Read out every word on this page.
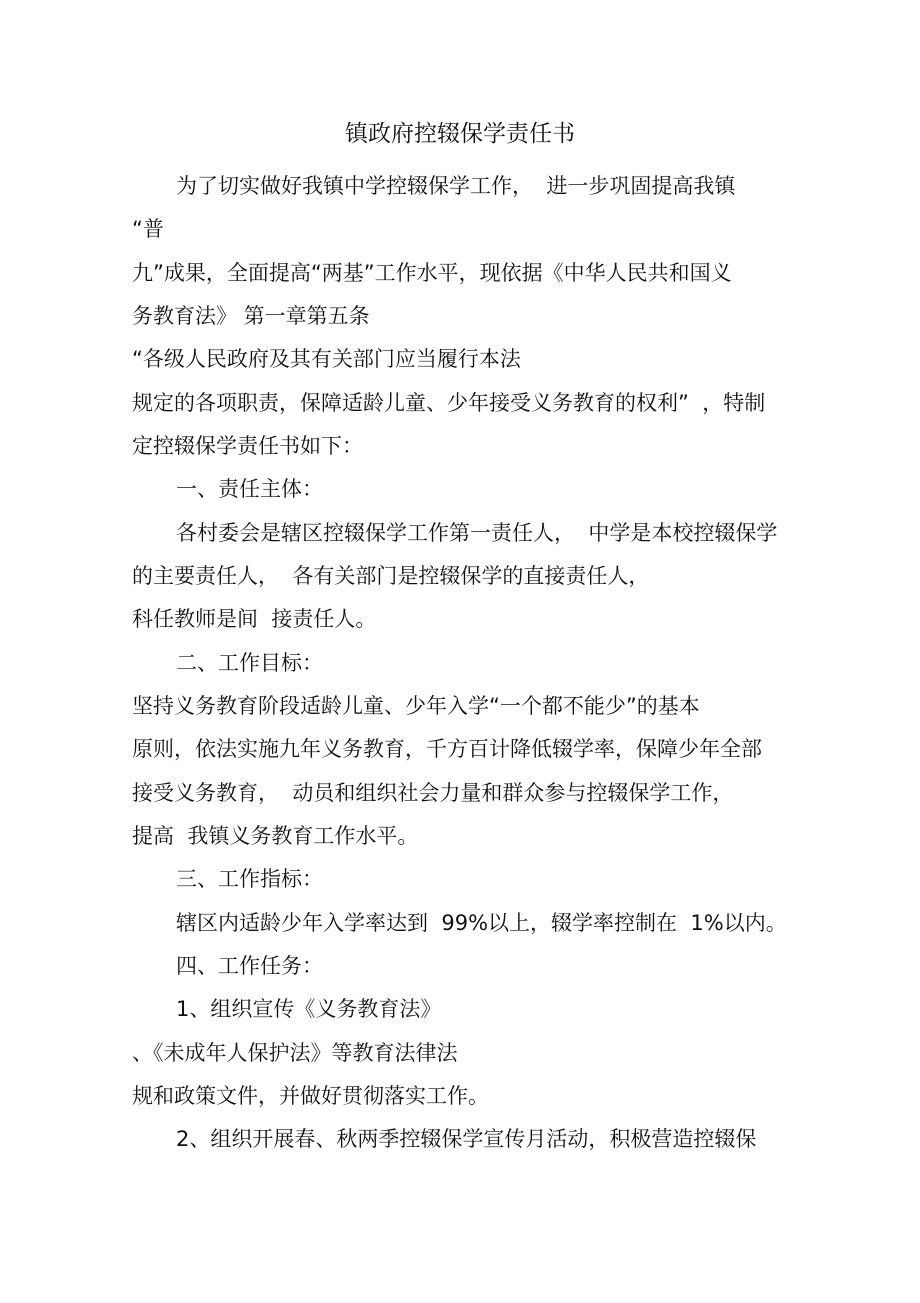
镇政府控辍保学责任书
为了切实做好我镇中学控辍保学工作，  进一步巩固提高我镇
“普
九”成果，全面提高“两基”工作水平，现依据《中华人民共和国义
务教育法》 第一章第五条
“各级人民政府及其有关部门应当履行本法
规定的各项职责，保障适龄儿童、少年接受义务教育的权利”  ，特制
定控辍保学责任书如下：
一、责任主体：
各村委会是辖区控辍保学工作第一责任人，  中学是本校控辍保学
的主要责任人，  各有关部门是控辍保学的直接责任人，
科任教师是间  接责任人。
二、工作目标：
坚持义务教育阶段适龄儿童、少年入学“一个都不能少”的基本
原则，依法实施九年义务教育，千方百计降低辍学率，保障少年全部
接受义务教育，  动员和组织社会力量和群众参与控辍保学工作，
提高  我镇义务教育工作水平。
三、工作指标：
辖区内适龄少年入学率达到  99%以上，辍学率控制在  1%以内。
四、工作任务：
1、组织宣传《义务教育法》
、《未成年人保护法》等教育法律法
规和政策文件，并做好贯彻落实工作。
2、组织开展春、秋两季控辍保学宣传月活动，积极营造控辍保
